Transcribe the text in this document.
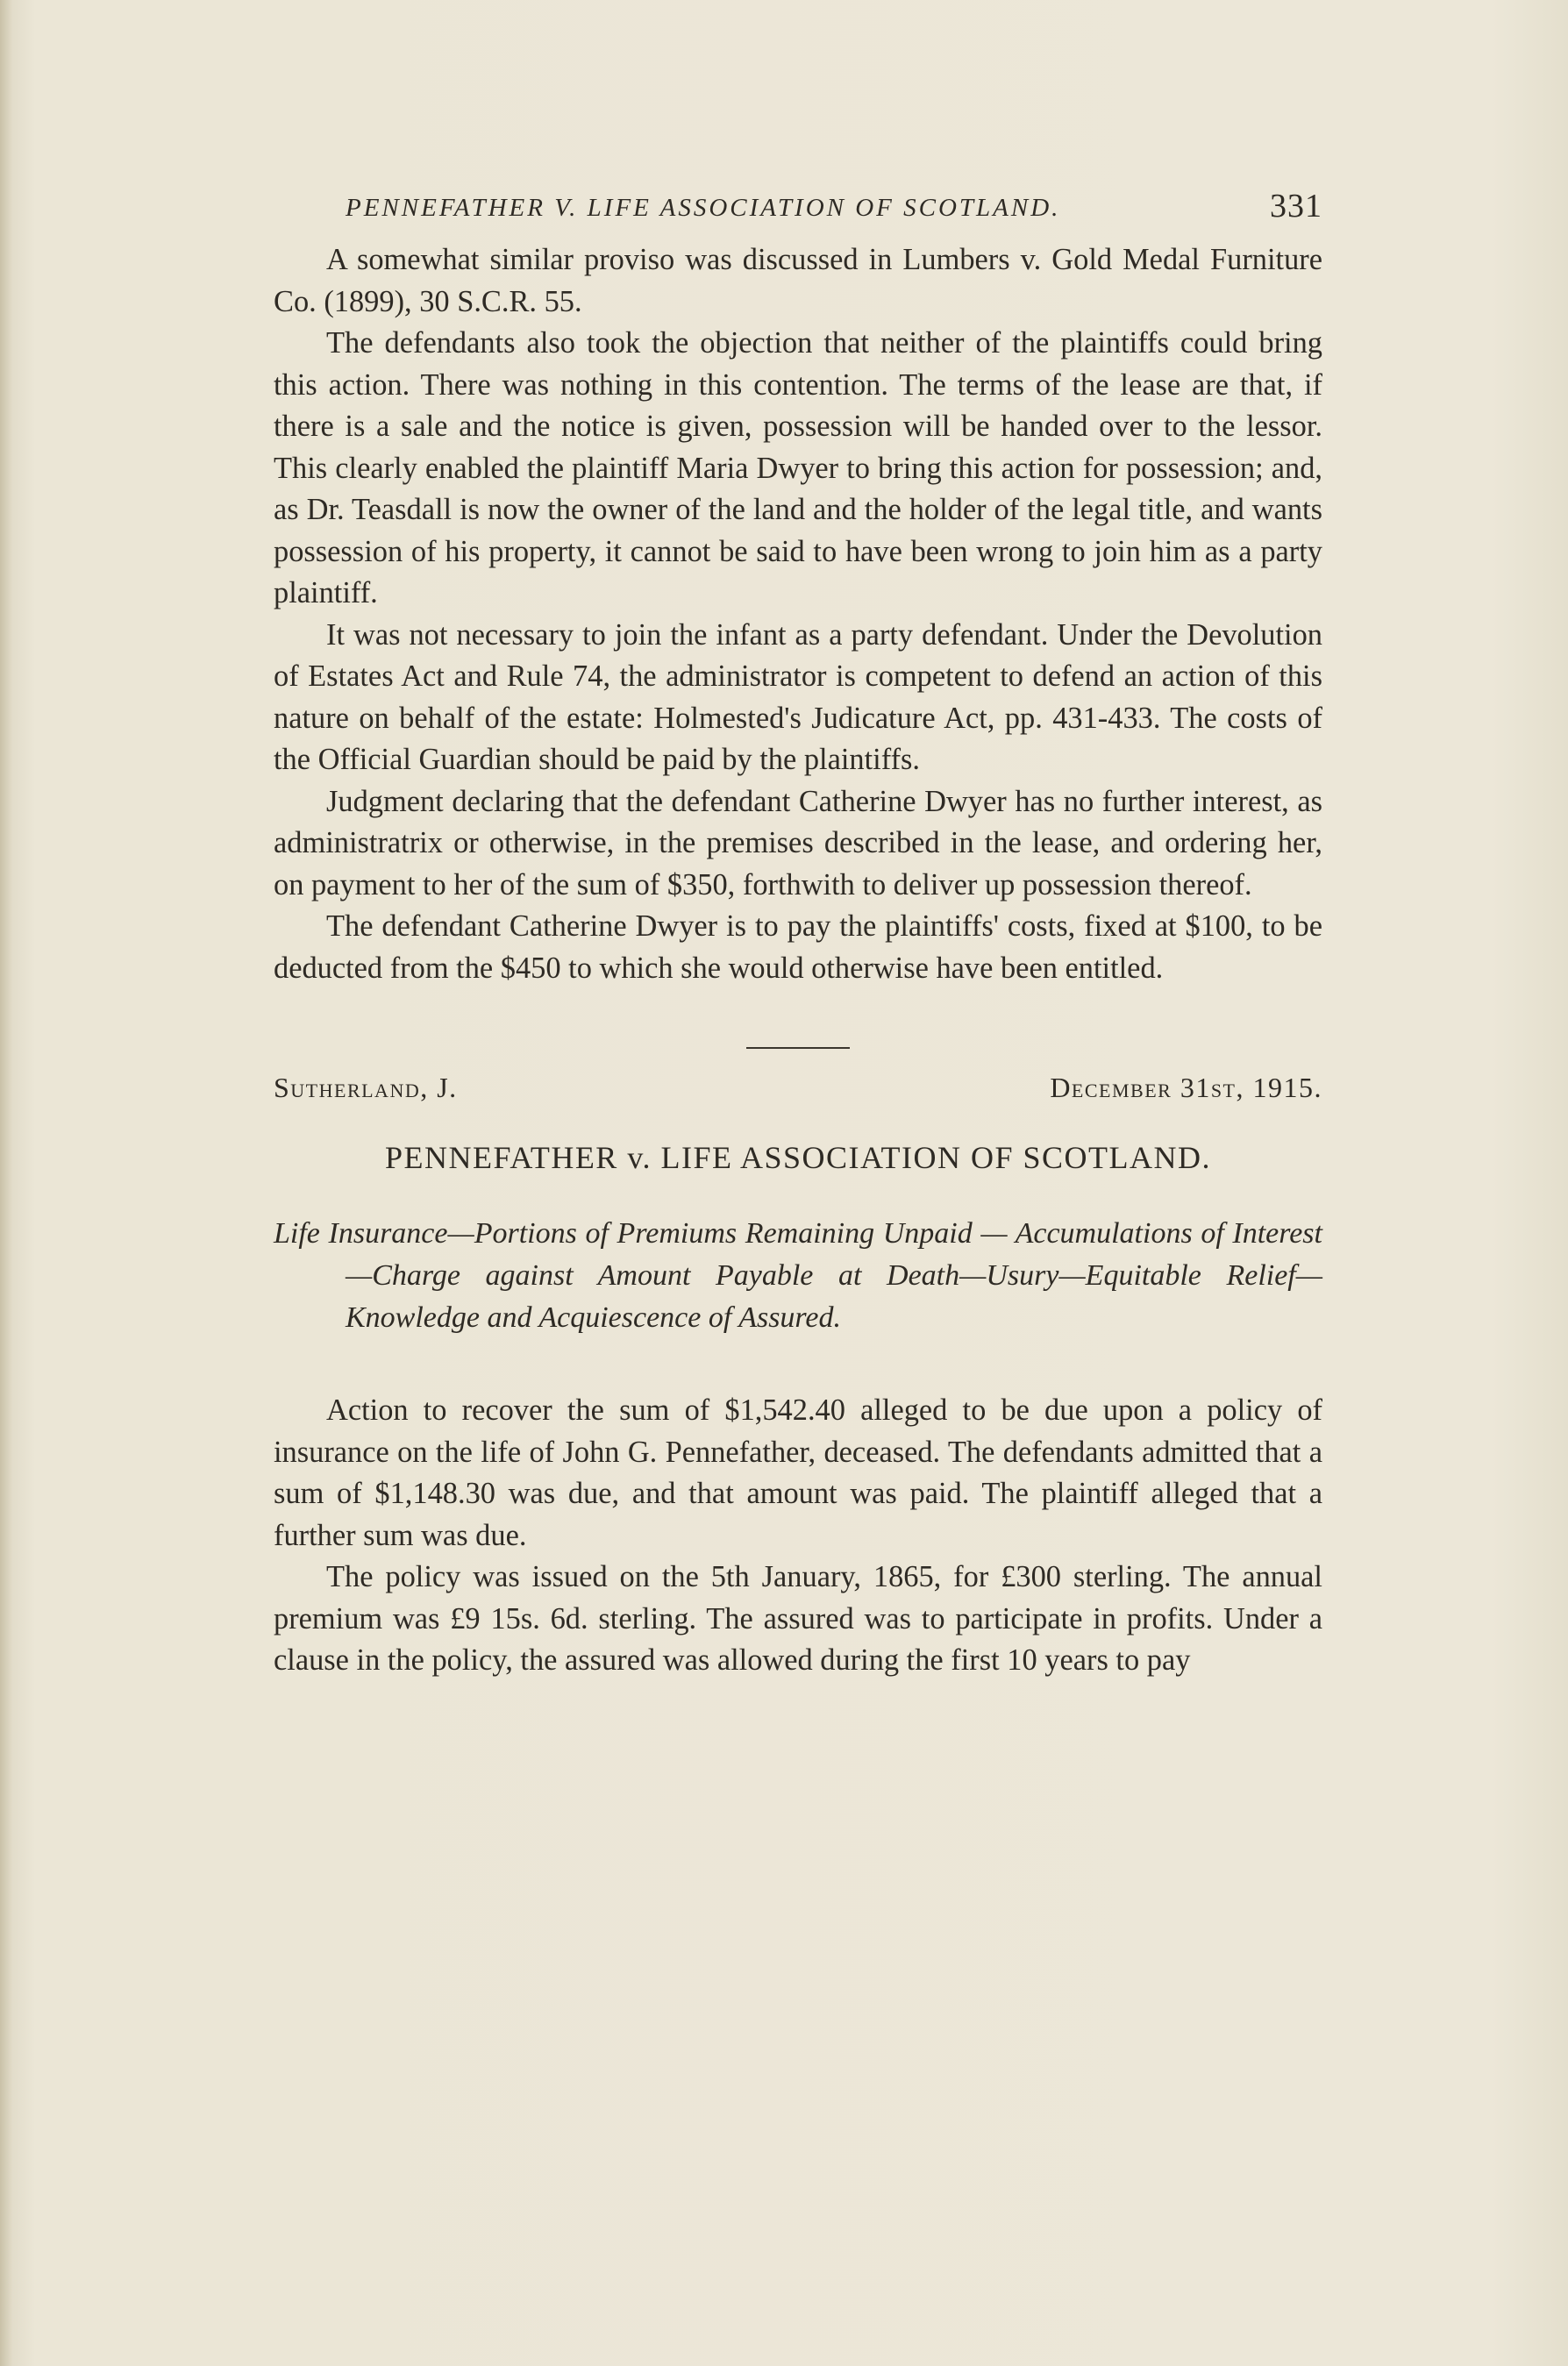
PENNEFATHER V. LIFE ASSOCIATION OF SCOTLAND.	331

A somewhat similar proviso was discussed in Lumbers v. Gold Medal Furniture Co. (1899), 30 S.C.R. 55.

The defendants also took the objection that neither of the plaintiffs could bring this action. There was nothing in this contention. The terms of the lease are that, if there is a sale and the notice is given, possession will be handed over to the lessor. This clearly enabled the plaintiff Maria Dwyer to bring this action for possession; and, as Dr. Teasdall is now the owner of the land and the holder of the legal title, and wants possession of his property, it cannot be said to have been wrong to join him as a party plaintiff.

It was not necessary to join the infant as a party defendant. Under the Devolution of Estates Act and Rule 74, the administrator is competent to defend an action of this nature on behalf of the estate: Holmested's Judicature Act, pp. 431-433. The costs of the Official Guardian should be paid by the plaintiffs.

Judgment declaring that the defendant Catherine Dwyer has no further interest, as administratrix or otherwise, in the premises described in the lease, and ordering her, on payment to her of the sum of $350, forthwith to deliver up possession thereof.

The defendant Catherine Dwyer is to pay the plaintiffs' costs, fixed at $100, to be deducted from the $450 to which she would otherwise have been entitled.

Sutherland, J.	December 31st, 1915.
PENNEFATHER v. LIFE ASSOCIATION OF SCOTLAND.
Life Insurance—Portions of Premiums Remaining Unpaid — Accumulations of Interest—Charge against Amount Payable at Death—Usury—Equitable Relief—Knowledge and Acquiescence of Assured.

Action to recover the sum of $1,542.40 alleged to be due upon a policy of insurance on the life of John G. Pennefather, deceased. The defendants admitted that a sum of $1,148.30 was due, and that amount was paid. The plaintiff alleged that a further sum was due.

The policy was issued on the 5th January, 1865, for £300 sterling. The annual premium was £9 15s. 6d. sterling. The assured was to participate in profits. Under a clause in the policy, the assured was allowed during the first 10 years to pay
